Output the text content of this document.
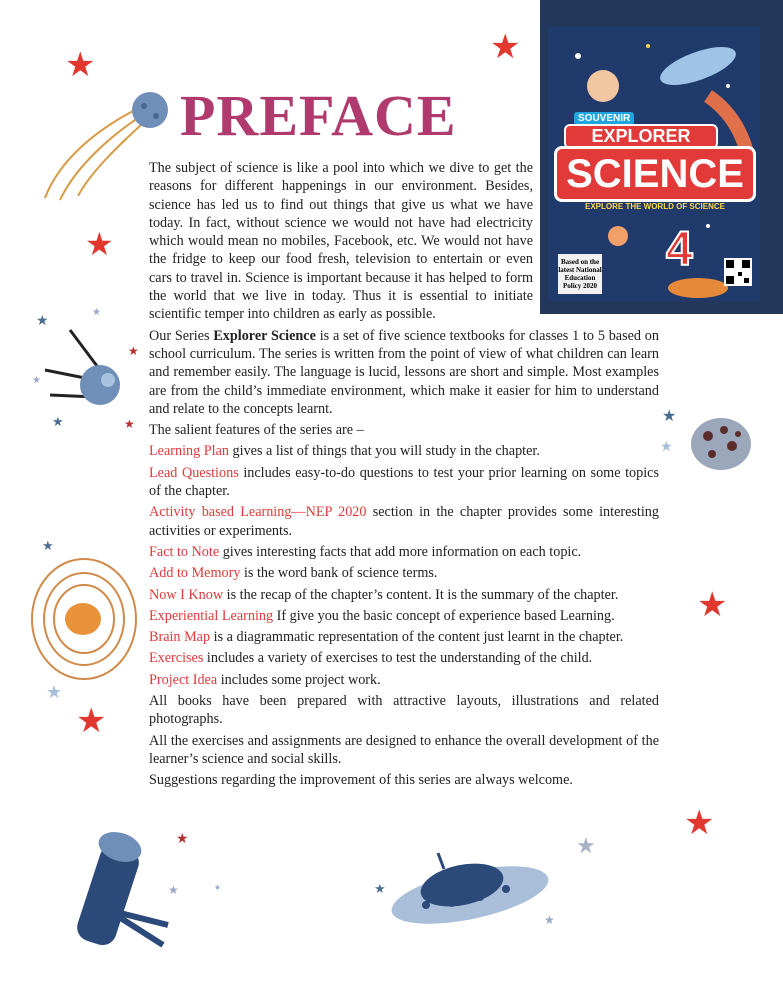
SOUVENIR
EXPLORER
SCIENCE
EXPLORE THE WORLD OF SCIENCE
4
Based on the latest National Education Policy 2020
★	★
★
★
★
★
★
★
★
★
★
★
★
★
★
★
★
★
★
★
★	★
PREFACE

The subject of science is like a pool into which we dive to get the reasons for different happenings in our environment. Besides, science has led us to find out things that give us what we have today. In fact, without science we would not have had electricity which would mean no mobiles, Facebook, etc. We would not have the fridge to keep our food fresh, television to entertain or even cars to travel in. Science is important because it has helped to form the world that we live in today. Thus it is essential to initiate scientific temper into children as early as possible.

Our Series Explorer Science is a set of five science textbooks for classes 1 to 5 based on school curriculum. The series is written from the point of view of what children can learn and remember easily. The language is lucid, lessons are short and simple. Most examples are from the child’s immediate environment, which make it easier for him to understand and relate to the concepts learnt.

The salient features of the series are –

Learning Plan gives a list of things that you will study in the chapter.

Lead Questions includes easy-to-do questions to test your prior learning on some topics of the chapter.

Activity based Learning—NEP 2020 section in the chapter provides some interesting activities or experiments.

Fact to Note gives interesting facts that add more information on each topic.

Add to Memory is the word bank of science terms.

Now I Know is the recap of the chapter’s content. It is the summary of the chapter.

Experiential Learning If give you the basic concept of experience based Learning.

Brain Map is a diagrammatic representation of the content just learnt in the chapter.

Exercises includes a variety of exercises to test the understanding of the child.

Project Idea includes some project work.

All books have been prepared with attractive layouts, illustrations and related photographs.

All the exercises and assignments are designed to enhance the overall development of the learner’s science and social skills.

Suggestions regarding the improvement of this series are always welcome.
